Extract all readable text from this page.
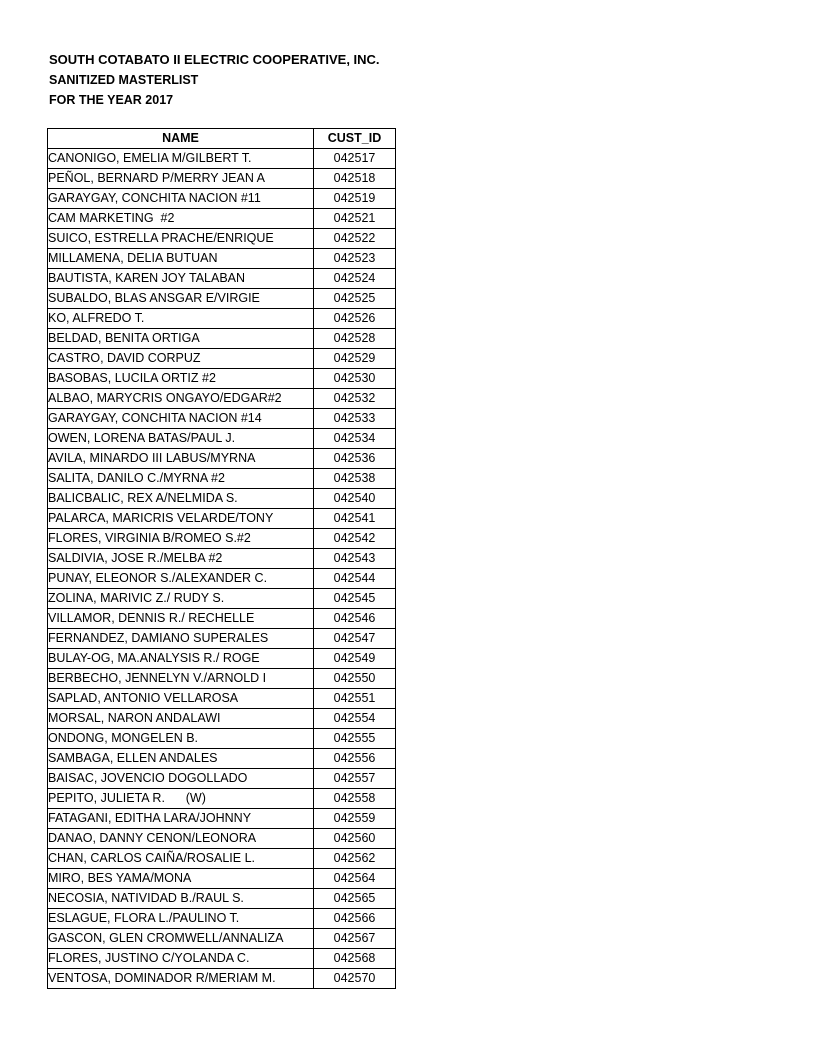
SOUTH COTABATO II ELECTRIC COOPERATIVE, INC.
SANITIZED MASTERLIST
FOR THE YEAR 2017
NAME	CUST_ID
CANONIGO, EMELIA M/GILBERT T.	042517
PEÑOL, BERNARD P/MERRY JEAN A	042518
GARAYGAY, CONCHITA NACION #11	042519
CAM MARKETING  #2	042521
SUICO, ESTRELLA PRACHE/ENRIQUE	042522
MILLAMENA, DELIA BUTUAN	042523
BAUTISTA, KAREN JOY TALABAN	042524
SUBALDO, BLAS ANSGAR E/VIRGIE	042525
KO, ALFREDO T.	042526
BELDAD, BENITA ORTIGA	042528
CASTRO, DAVID CORPUZ	042529
BASOBAS, LUCILA ORTIZ #2	042530
ALBAO, MARYCRIS ONGAYO/EDGAR#2	042532
GARAYGAY, CONCHITA NACION #14	042533
OWEN, LORENA BATAS/PAUL J.	042534
AVILA, MINARDO III LABUS/MYRNA	042536
SALITA, DANILO C./MYRNA #2	042538
BALICBALIC, REX A/NELMIDA S.	042540
PALARCA, MARICRIS VELARDE/TONY	042541
FLORES, VIRGINIA B/ROMEO S.#2	042542
SALDIVIA, JOSE R./MELBA #2	042543
PUNAY, ELEONOR S./ALEXANDER C.	042544
ZOLINA, MARIVIC Z./ RUDY S.	042545
VILLAMOR, DENNIS R./ RECHELLE	042546
FERNANDEZ, DAMIANO SUPERALES	042547
BULAY-OG, MA.ANALYSIS R./ ROGE	042549
BERBECHO, JENNELYN V./ARNOLD I	042550
SAPLAD, ANTONIO VELLAROSA	042551
MORSAL, NARON ANDALAWI	042554
ONDONG, MONGELEN B.	042555
SAMBAGA, ELLEN ANDALES	042556
BAISAC, JOVENCIO DOGOLLADO	042557
PEPITO, JULIETA R.      (W)	042558
FATAGANI, EDITHA LARA/JOHNNY	042559
DANAO, DANNY CENON/LEONORA	042560
CHAN, CARLOS CAIÑA/ROSALIE L.	042562
MIRO, BES YAMA/MONA	042564
NECOSIA, NATIVIDAD B./RAUL S.	042565
ESLAGUE, FLORA L./PAULINO T.	042566
GASCON, GLEN CROMWELL/ANNALIZA	042567
FLORES, JUSTINO C/YOLANDA C.	042568
VENTOSA, DOMINADOR R/MERIAM M.	042570
